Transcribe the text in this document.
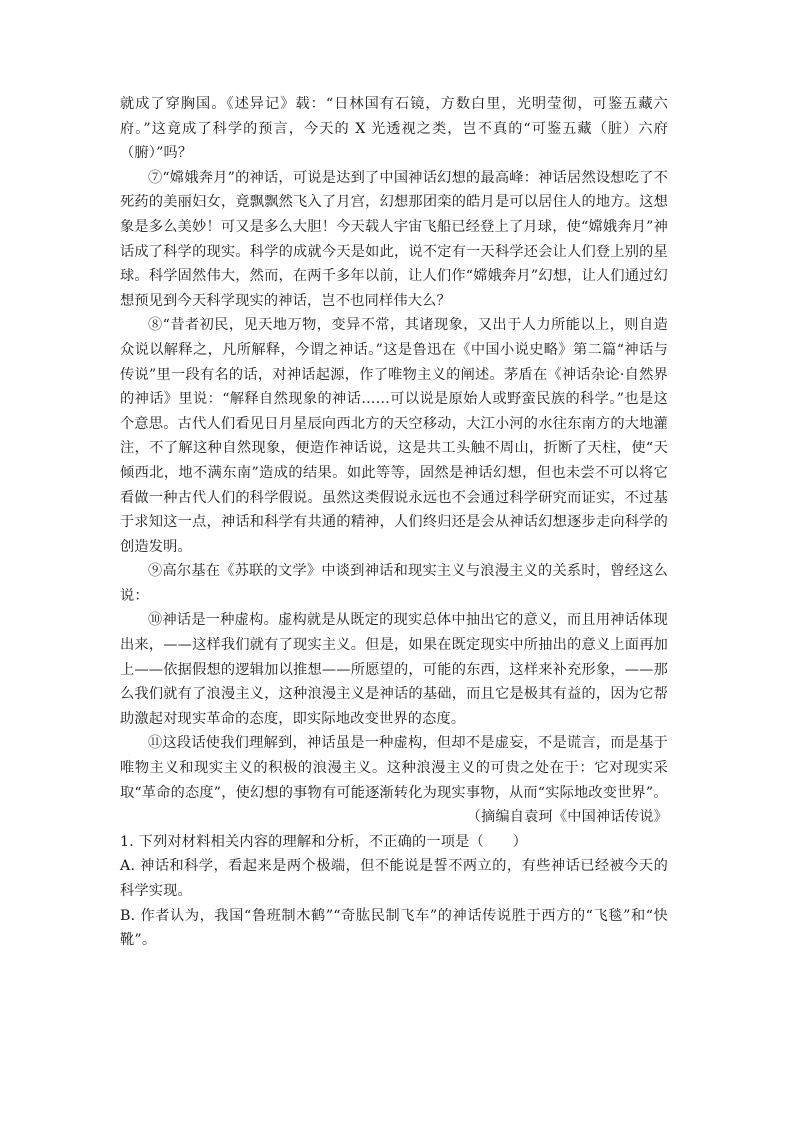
就成了穿胸国。《述异记》载：“日林国有石镜，方数白里，光明莹彻，可鉴五藏六府。”这竟成了科学的预言，今天的 X 光透视之类，岂不真的“可鉴五藏（脏）六府（腑）”吗？

⑦“嫦娥奔月”的神话，可说是达到了中国神话幻想的最高峰：神话居然设想吃了不死药的美丽妇女，竟飘飘然飞入了月宫，幻想那团栾的皓月是可以居住人的地方。这想象是多么美妙！可又是多么大胆！今天载人宇宙飞船已经登上了月球，使“嫦娥奔月”神话成了科学的现实。科学的成就今天是如此，说不定有一天科学还会让人们登上别的星球。科学固然伟大，然而，在两千多年以前，让人们作“嫦娥奔月”幻想，让人们通过幻想预见到今天科学现实的神话，岂不也同样伟大么？

⑧“昔者初民，见天地万物，变异不常，其诸现象，又出于人力所能以上，则自造众说以解释之，凡所解释，今谓之神话。”这是鲁迅在《中国小说史略》第二篇“神话与传说”里一段有名的话，对神话起源，作了唯物主义的阐述。茅盾在《神话杂论·自然界的神话》里说：“解释自然现象的神话……可以说是原始人或野蛮民族的科学。”也是这个意思。古代人们看见日月星辰向西北方的天空移动，大江小河的水往东南方的大地灌注，不了解这种自然现象，便造作神话说，这是共工头触不周山，折断了天柱，使“天倾西北，地不满东南”造成的结果。如此等等，固然是神话幻想，但也未尝不可以将它看做一种古代人们的科学假说。虽然这类假说永远也不会通过科学研究而证实，不过基于求知这一点，神话和科学有共通的精神，人们终归还是会从神话幻想逐步走向科学的创造发明。

⑨高尔基在《苏联的文学》中谈到神话和现实主义与浪漫主义的关系时，曾经这么说：

⑩神话是一种虚构。虚构就是从既定的现实总体中抽出它的意义，而且用神话体现出来，——这样我们就有了现实主义。但是，如果在既定现实中所抽出的意义上面再加上——依据假想的逻辑加以推想——所愿望的，可能的东西，这样来补充形象，——那么我们就有了浪漫主义，这种浪漫主义是神话的基础，而且它是极其有益的，因为它帮助激起对现实革命的态度，即实际地改变世界的态度。

⑪这段话使我们理解到，神话虽是一种虚构，但却不是虚妄，不是谎言，而是基于唯物主义和现实主义的积极的浪漫主义。这种浪漫主义的可贵之处在于：它对现实采取“革命的态度”，使幻想的事物有可能逐渐转化为现实事物，从而“实际地改变世界”。

（摘编自袁珂《中国神话传说》

1. 下列对材料相关内容的理解和分析，不正确的一项是（　　）

A. 神话和科学，看起来是两个极端，但不能说是誓不两立的，有些神话已经被今天的科学实现。

B. 作者认为，我国“鲁班制木鹤”“奇肱民制飞车”的神话传说胜于西方的“飞毯”和“快靴”。
